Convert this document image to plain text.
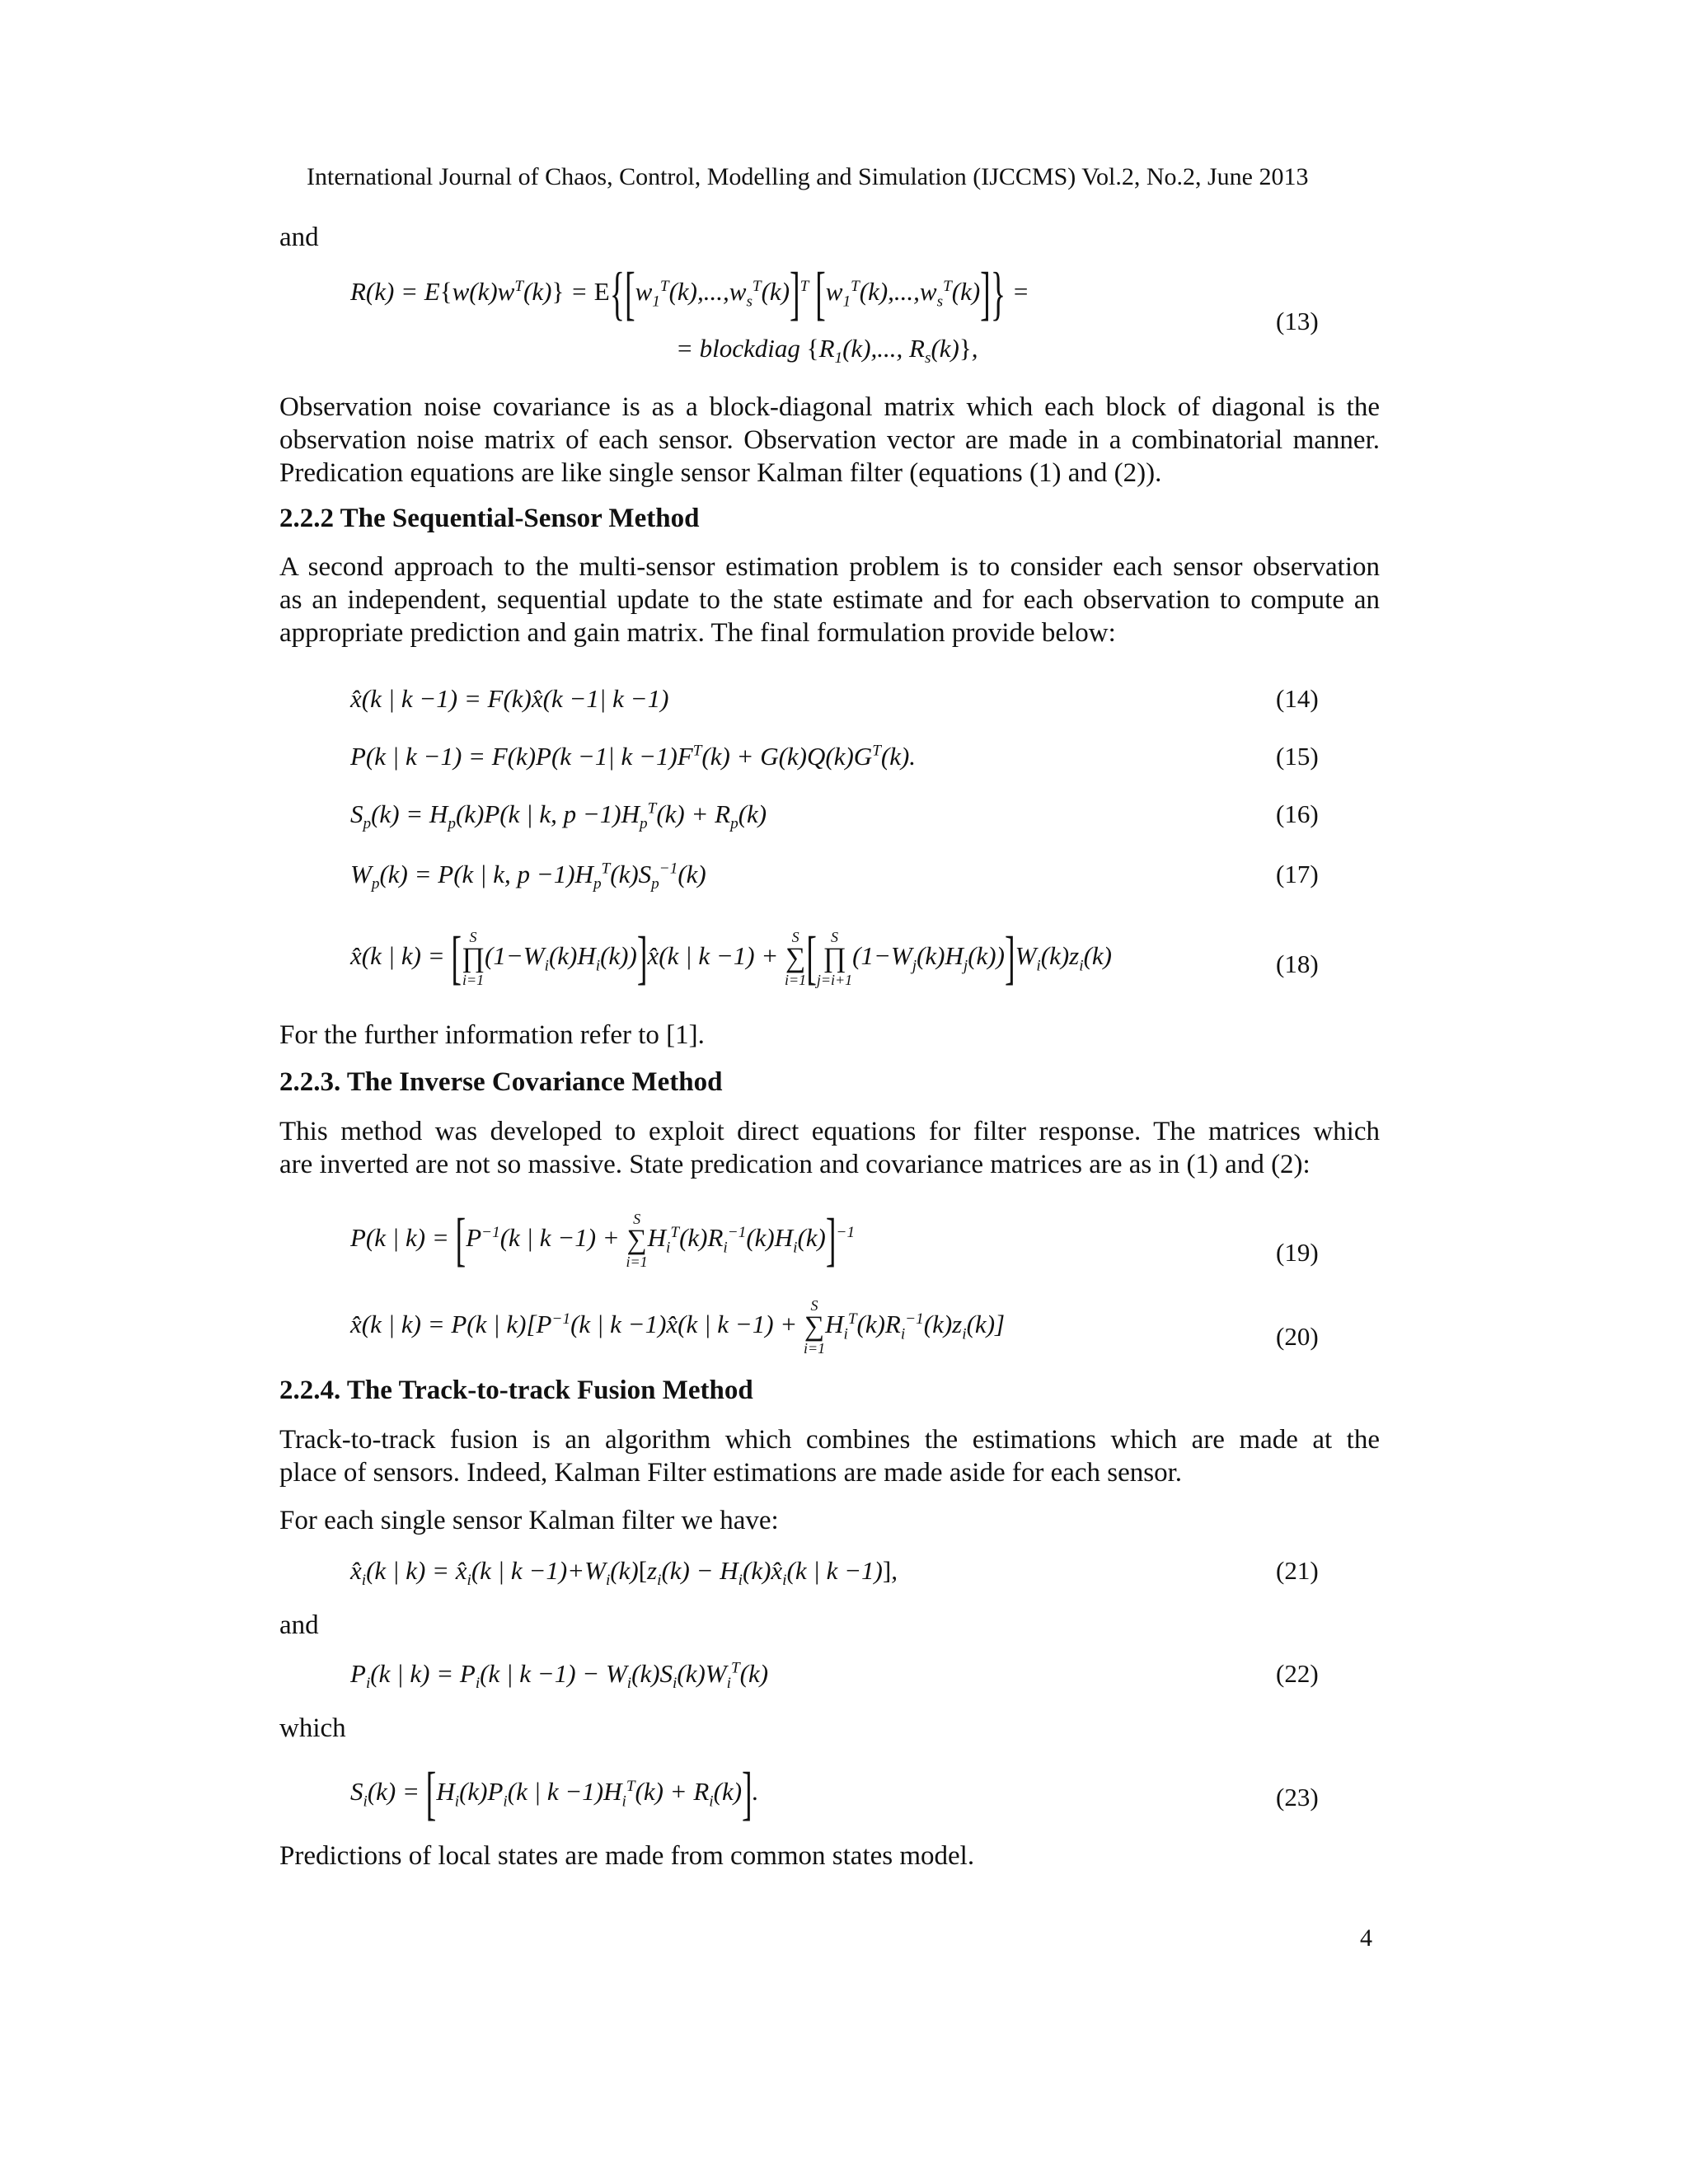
International Journal of Chaos, Control, Modelling and Simulation (IJCCMS) Vol.2, No.2, June 2013
and
$R(k) = E\{w(k)w^T(k)\} = E\{[w_1^T(k),...,w_s^T(k)]^T$ $[w_1^T(k),...,w_s^T(k)]$} =
= blockdiag {$R_1(k)$,..., $R_s(k)$},
(13)
Observation noise covariance is as a block-diagonal matrix which each block of diagonal is the
observation noise matrix of each sensor. Observation vector are made in a combinatorial manner.
Predication equations are like single sensor Kalman filter (equations (1) and (2)).
2.2.2 The Sequential-Sensor Method
A second approach to the multi-sensor estimation problem is to consider each sensor observation
as an independent, sequential update to the state estimate and for each observation to compute an
appropriate prediction and gain matrix. The final formulation provide below:
x̂(k | k −1) = F(k)x̂(k −1| k −1)	(14)
P(k | k −1) = F(k)P(k −1| $k -1)F^T(k) + G(k)Q(k)G^T(k)$.	(15)
$S_p(k) = H_p(k)P(k$ | k, $p -1)H_p^T(k) + R_p(k)$	(16)
$W_p(k) = P(k$ | k, $p -1)H_p^T(k)S_p^{-1}(k)$	(17)
x̂(k | k) = [ S
∏
i=1
$(1-W_i(k)H_i(k))]x̂(k$ | k −1) +
S
∑
i=1 [ S
∏
j=i+1
$(1-W_j(k)H_j(k))]W_i(k)z_i(k)$	(18)
For the further information refer to [1].
2.2.3. The Inverse Covariance Method
This method was developed to exploit direct equations for filter response. The matrices which
are inverted are not so massive. State predication and covariance matrices are as in (1) and (2):
P(k | $k) = [P^{-1}(k$ | k −1) +
S
∑
i=1
$H_i^T(k)R_i^{-1}(k)H_i(k)]^{-1}$
(19)
x̂(k | k) = P(k | $k)[P^{-1}(k$ | k −1)x̂(k | k −1) +
S
∑
i=1
$H_i^T(k)R_i^{-1}(k)z_i(k)$]	(20)
2.2.4. The Track-to-track Fusion Method
Track-to-track fusion is an algorithm which combines the estimations which are made at the
place of sensors. Indeed, Kalman Filter estimations are made aside for each sensor.
For each single sensor Kalman filter we have:
$x̂_i(k$ | $k) = x̂_i(k$ | $k -1)+W_i(k)[z_i(k)$ − $H_i(k)x̂_i(k$ | k −1)],	(21)
and
$P_i(k$ | $k) = P_i(k$ | $k -1) - W_i(k)S_i(k)W_i^T(k)$	(22)
which
$S_i(k) = [H_i(k)P_i(k$ | $k -1)H_i^T(k) + R_i(k)$].	(23)
Predictions of local states are made from common states model.
4
